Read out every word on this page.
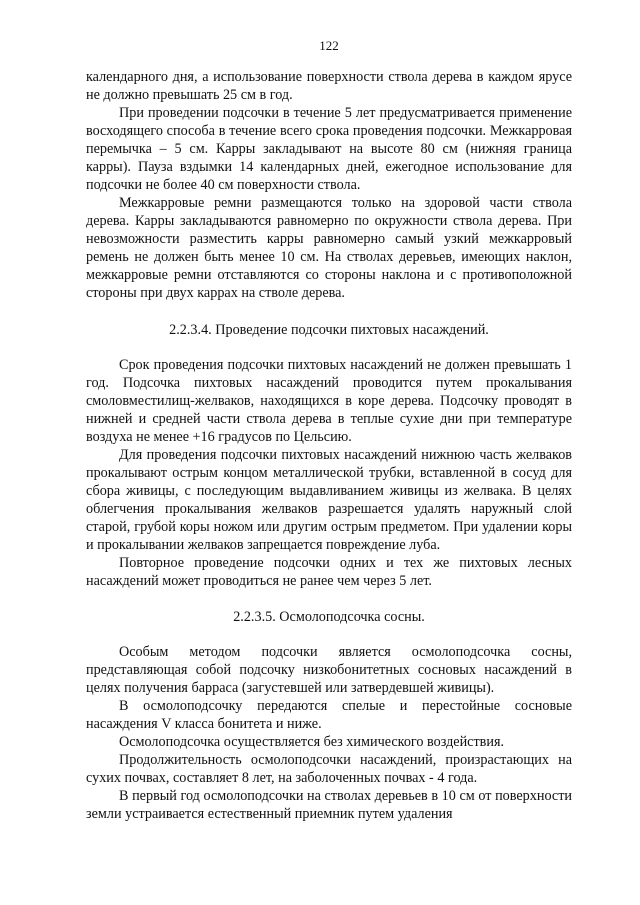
122

календарного дня, а использование поверхности ствола дерева в каждом ярусе не должно превышать 25 см в год.

При проведении подсочки в течение 5 лет предусматривается применение восходящего способа в течение всего срока проведения подсочки. Межкарровая перемычка – 5 см. Карры закладывают на высоте 80 см (нижняя граница карры). Пауза вздымки 14 календарных дней, ежегодное использование для подсочки не более 40 см поверхности ствола.

Межкарровые ремни размещаются только на здоровой части ствола дерева. Карры закладываются равномерно по окружности ствола дерева. При невозможности разместить карры равномерно самый узкий межкарровый ремень не должен быть менее 10 см. На стволах деревьев, имеющих наклон, межкарровые ремни отставляются со стороны наклона и с противоположной стороны при двух каррах на стволе дерева.

2.2.3.4. Проведение подсочки пихтовых насаждений.

Срок проведения подсочки пихтовых насаждений не должен превышать 1 год. Подсочка пихтовых насаждений проводится путем прокалывания смоловместилищ-желваков, находящихся в коре дерева. Подсочку проводят в нижней и средней части ствола дерева в теплые сухие дни при температуре воздуха не менее +16 градусов по Цельсию.

Для проведения подсочки пихтовых насаждений нижнюю часть желваков прокалывают острым концом металлической трубки, вставленной в сосуд для сбора живицы, с последующим выдавливанием живицы из желвака. В целях облегчения прокалывания желваков разрешается удалять наружный слой старой, грубой коры ножом или другим острым предметом. При удалении коры и прокалывании желваков запрещается повреждение луба.

Повторное проведение подсочки одних и тех же пихтовых лесных насаждений может проводиться не ранее чем через 5 лет.

2.2.3.5. Осмолоподсочка сосны.

Особым методом подсочки является осмолоподсочка сосны, представляющая собой подсочку низкобонитетных сосновых насаждений в целях получения барраса (загустевшей или затвердевшей живицы).

В осмолоподсочку передаются спелые и перестойные сосновые насаждения V класса бонитета и ниже.

Осмолоподсочка осуществляется без химического воздействия.

Продолжительность осмолоподсочки насаждений, произрастающих на сухих почвах, составляет 8 лет, на заболоченных почвах - 4 года.

В первый год осмолоподсочки на стволах деревьев в 10 см от поверхности земли устраивается естественный приемник путем удаления
